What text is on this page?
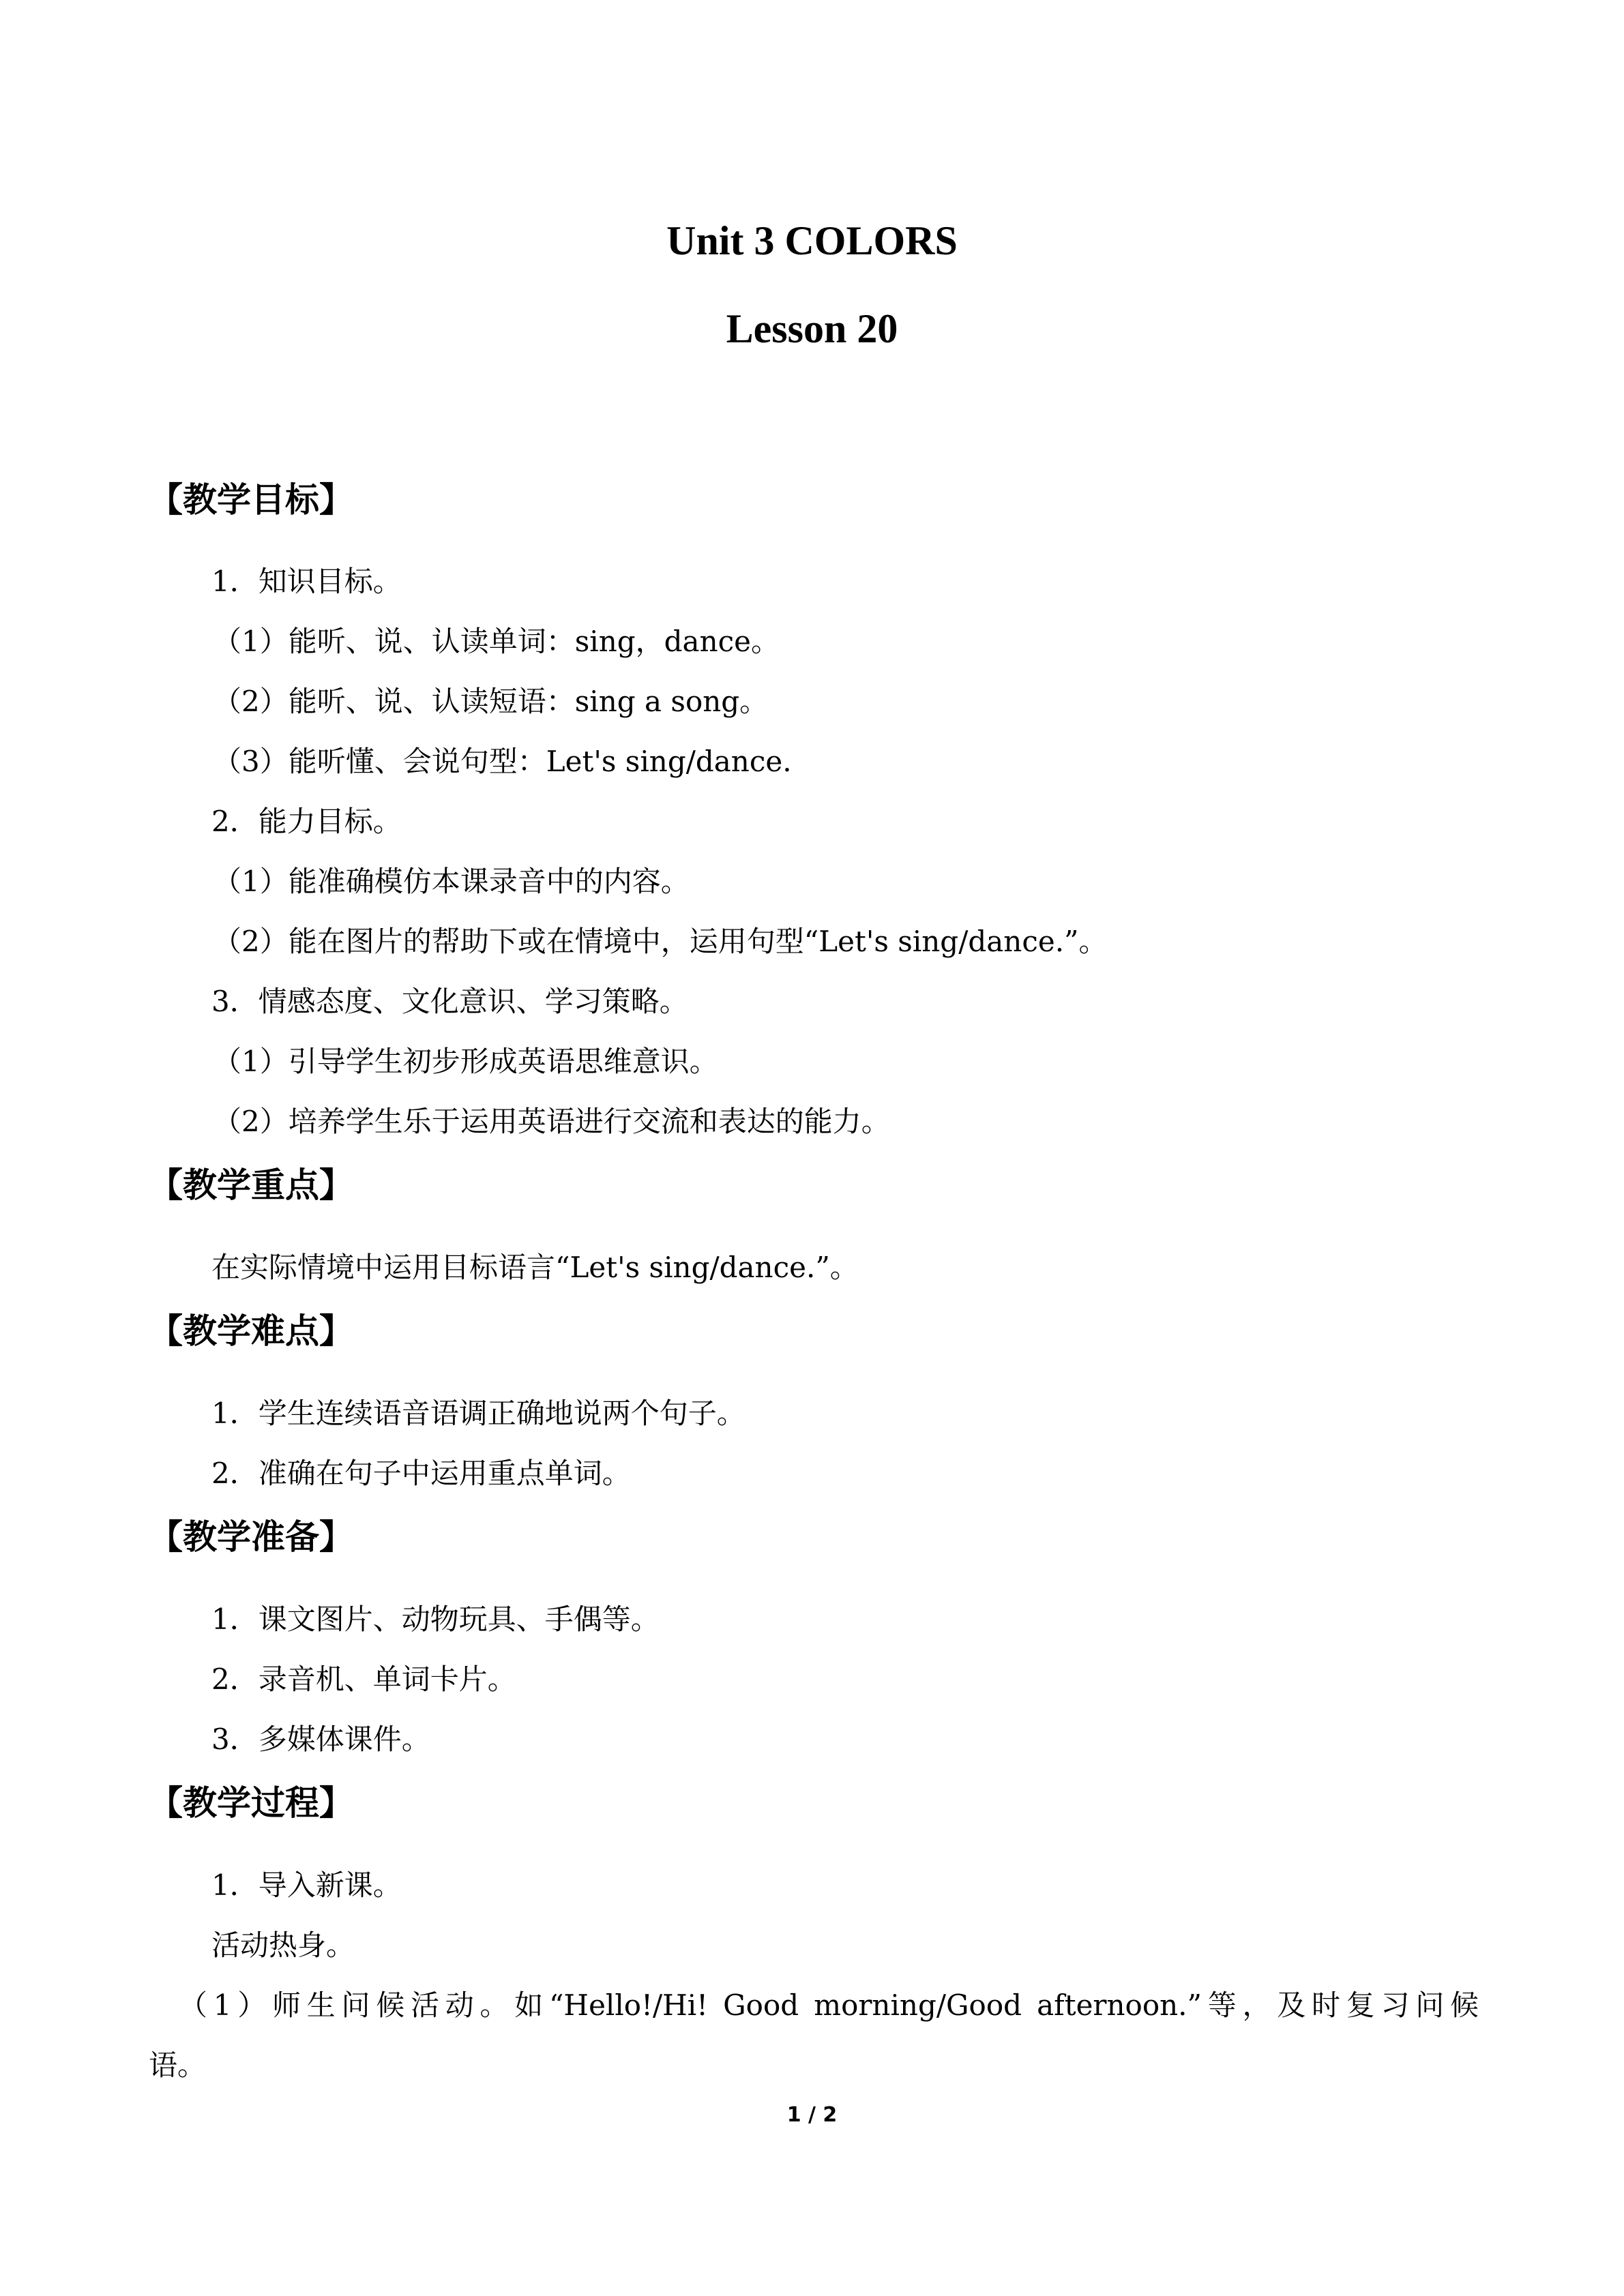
Unit 3 COLORS
Lesson 20
【教学目标】
1．知识目标。
（1）能听、说、认读单词：sing，dance。
（2）能听、说、认读短语：sing a song。
（3）能听懂、会说句型：Let's sing/dance.
2．能力目标。
（1）能准确模仿本课录音中的内容。
（2）能在图片的帮助下或在情境中，运用句型“Let's sing/dance.”。
3．情感态度、文化意识、学习策略。
（1）引导学生初步形成英语思维意识。
（2）培养学生乐于运用英语进行交流和表达的能力。
【教学重点】
在实际情境中运用目标语言“Let's sing/dance.”。
【教学难点】
1．学生连续语音语调正确地说两个句子。
2．准确在句子中运用重点单词。
【教学准备】
1．课文图片、动物玩具、手偶等。
2．录音机、单词卡片。
3．多媒体课件。
【教学过程】
1．导入新课。
活动热身。
（1）师生问候活动。如“Hello!/Hi! Good morning/Good afternoon.”等，及时复习问候
语。
1 / 2
